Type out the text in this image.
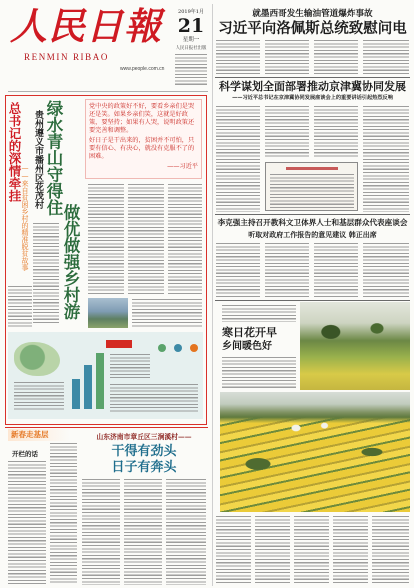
人民日報
RENMIN RIBAO
www.people.com.cn
2019年1月
21
星期一
人民日报社出版
就墨西哥发生输油管道爆炸事故
习近平向洛佩斯总统致慰问电
科学谋划全面部署推动京津冀协同发展
——习近平总书记在京津冀协同发展座谈会上的重要讲话引起热烈反响
李克强主持召开教科文卫体界人士和基层群众代表座谈会
听取对政府工作报告的意见建议 韩正出席
寒日花开早
乡间暖色好
总书记的深情牵挂
——来自贫困乡村的精准脱贫故事
贵州遵义市播州区花茂村 绿水青山守得住
做优做强乡村游

党中央的政策好不好，要看乡亲们是哭还是笑。如果乡亲们笑，这就是好政策，要坚持；如果有人哭，说明政策还要完善和调整。

好日子是干出来的，贫困并不可怕，只要有信心、有决心，就没有克服不了的困难。

——习近平
新春走基层	山东济南市章丘区三涧溪村——
干得有劲头
日子有奔头
开栏的话
